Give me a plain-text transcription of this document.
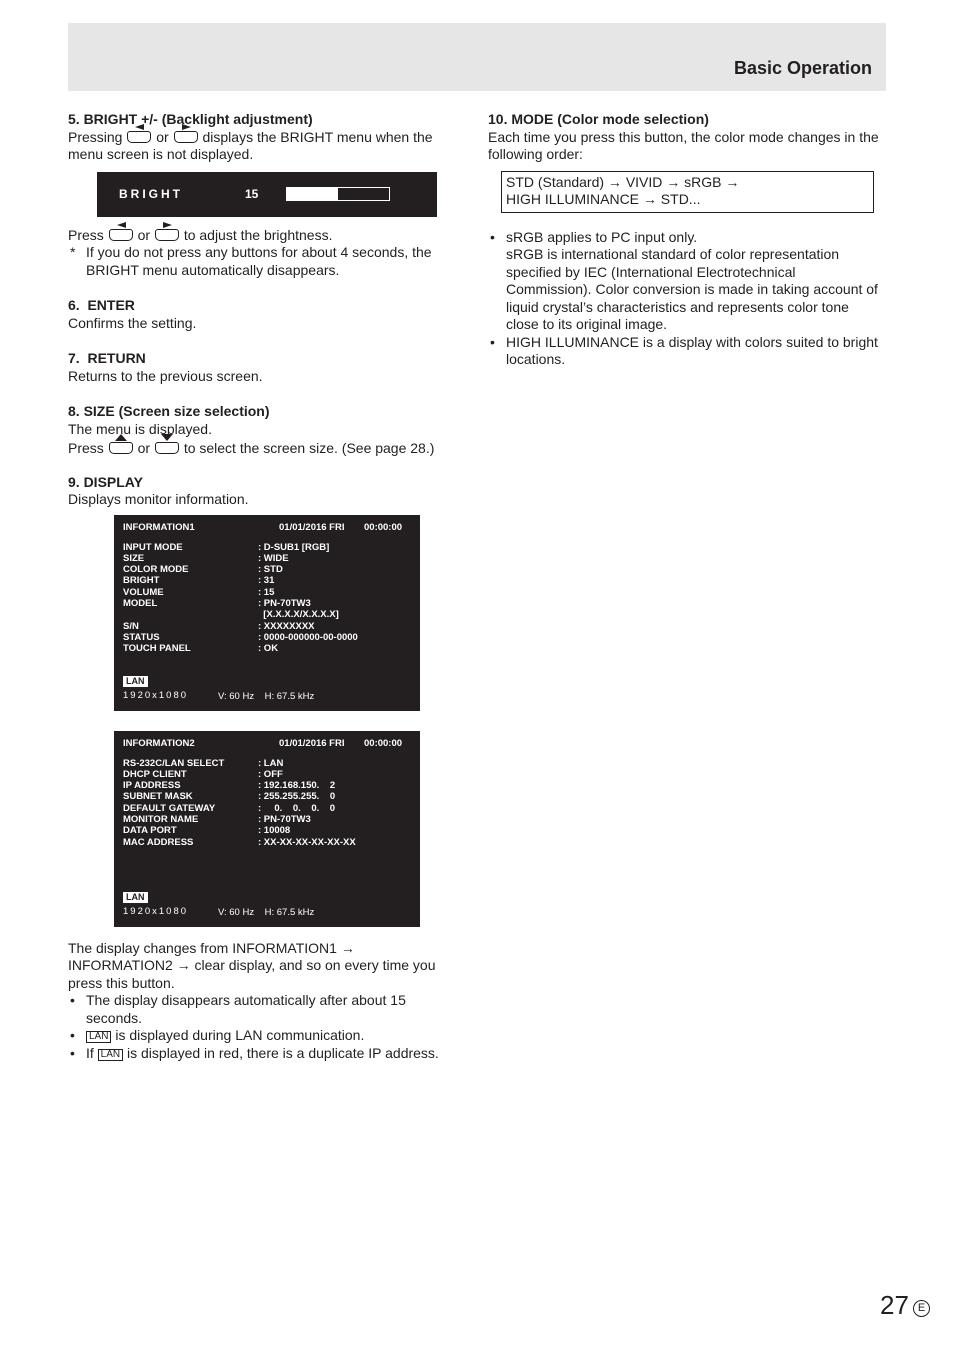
Basic Operation
5. BRIGHT +/- (Backlight adjustment)
Pressing or displays the BRIGHT menu when the menu screen is not displayed.
BRIGHT	15
Press or to adjust the brightness.
* If you do not press any buttons for about 4 seconds, the BRIGHT menu automatically disappears.
6.  ENTER
Confirms the setting.
7.  RETURN
Returns to the previous screen.
8. SIZE (Screen size selection)
The menu is displayed.
Press or to select the screen size. (See page 28.)
9. DISPLAY
Displays monitor information.
INFORMATION1	01/01/2016 FRI 00:00:00
INPUT MODE	: D-SUB1 [RGB]
SIZE	: WIDE
COLOR MODE	: STD
BRIGHT	: 31
VOLUME	: 15
MODEL	: PN-70TW3
[X.X.X.X/X.X.X.X]
S/N	: XXXXXXXX
STATUS	: 0000-000000-00-0000
TOUCH PANEL	: OK
LAN
1920x1080	V: 60 Hz    H: 67.5 kHz
INFORMATION2	01/01/2016 FRI 00:00:00
RS-232C/LAN SELECT	: LAN
DHCP CLIENT	: OFF
IP ADDRESS	: 192.168.150.    2
SUBNET MASK	: 255.255.255.    0
DEFAULT GATEWAY	:     0.    0.    0.    0
MONITOR NAME	: PN-70TW3
DATA PORT	: 10008
MAC ADDRESS	: XX-XX-XX-XX-XX-XX
LAN
1920x1080	V: 60 Hz    H: 67.5 kHz
The display changes from INFORMATION1 → INFORMATION2 → clear display, and so on every time you press this button.
• The display disappears automatically after about 15 seconds.
• LAN is displayed during LAN communication.
• If LAN is displayed in red, there is a duplicate IP address.
10. MODE (Color mode selection)
Each time you press this button, the color mode changes in the following order:
STD (Standard) → VIVID → sRGB →
HIGH ILLUMINANCE → STD...
• sRGB applies to PC input only.
sRGB is international standard of color representation specified by IEC (International Electrotechnical Commission). Color conversion is made in taking account of liquid crystal’s characteristics and represents color tone close to its original image.
• HIGH ILLUMINANCE is a display with colors suited to bright locations.
27 E
